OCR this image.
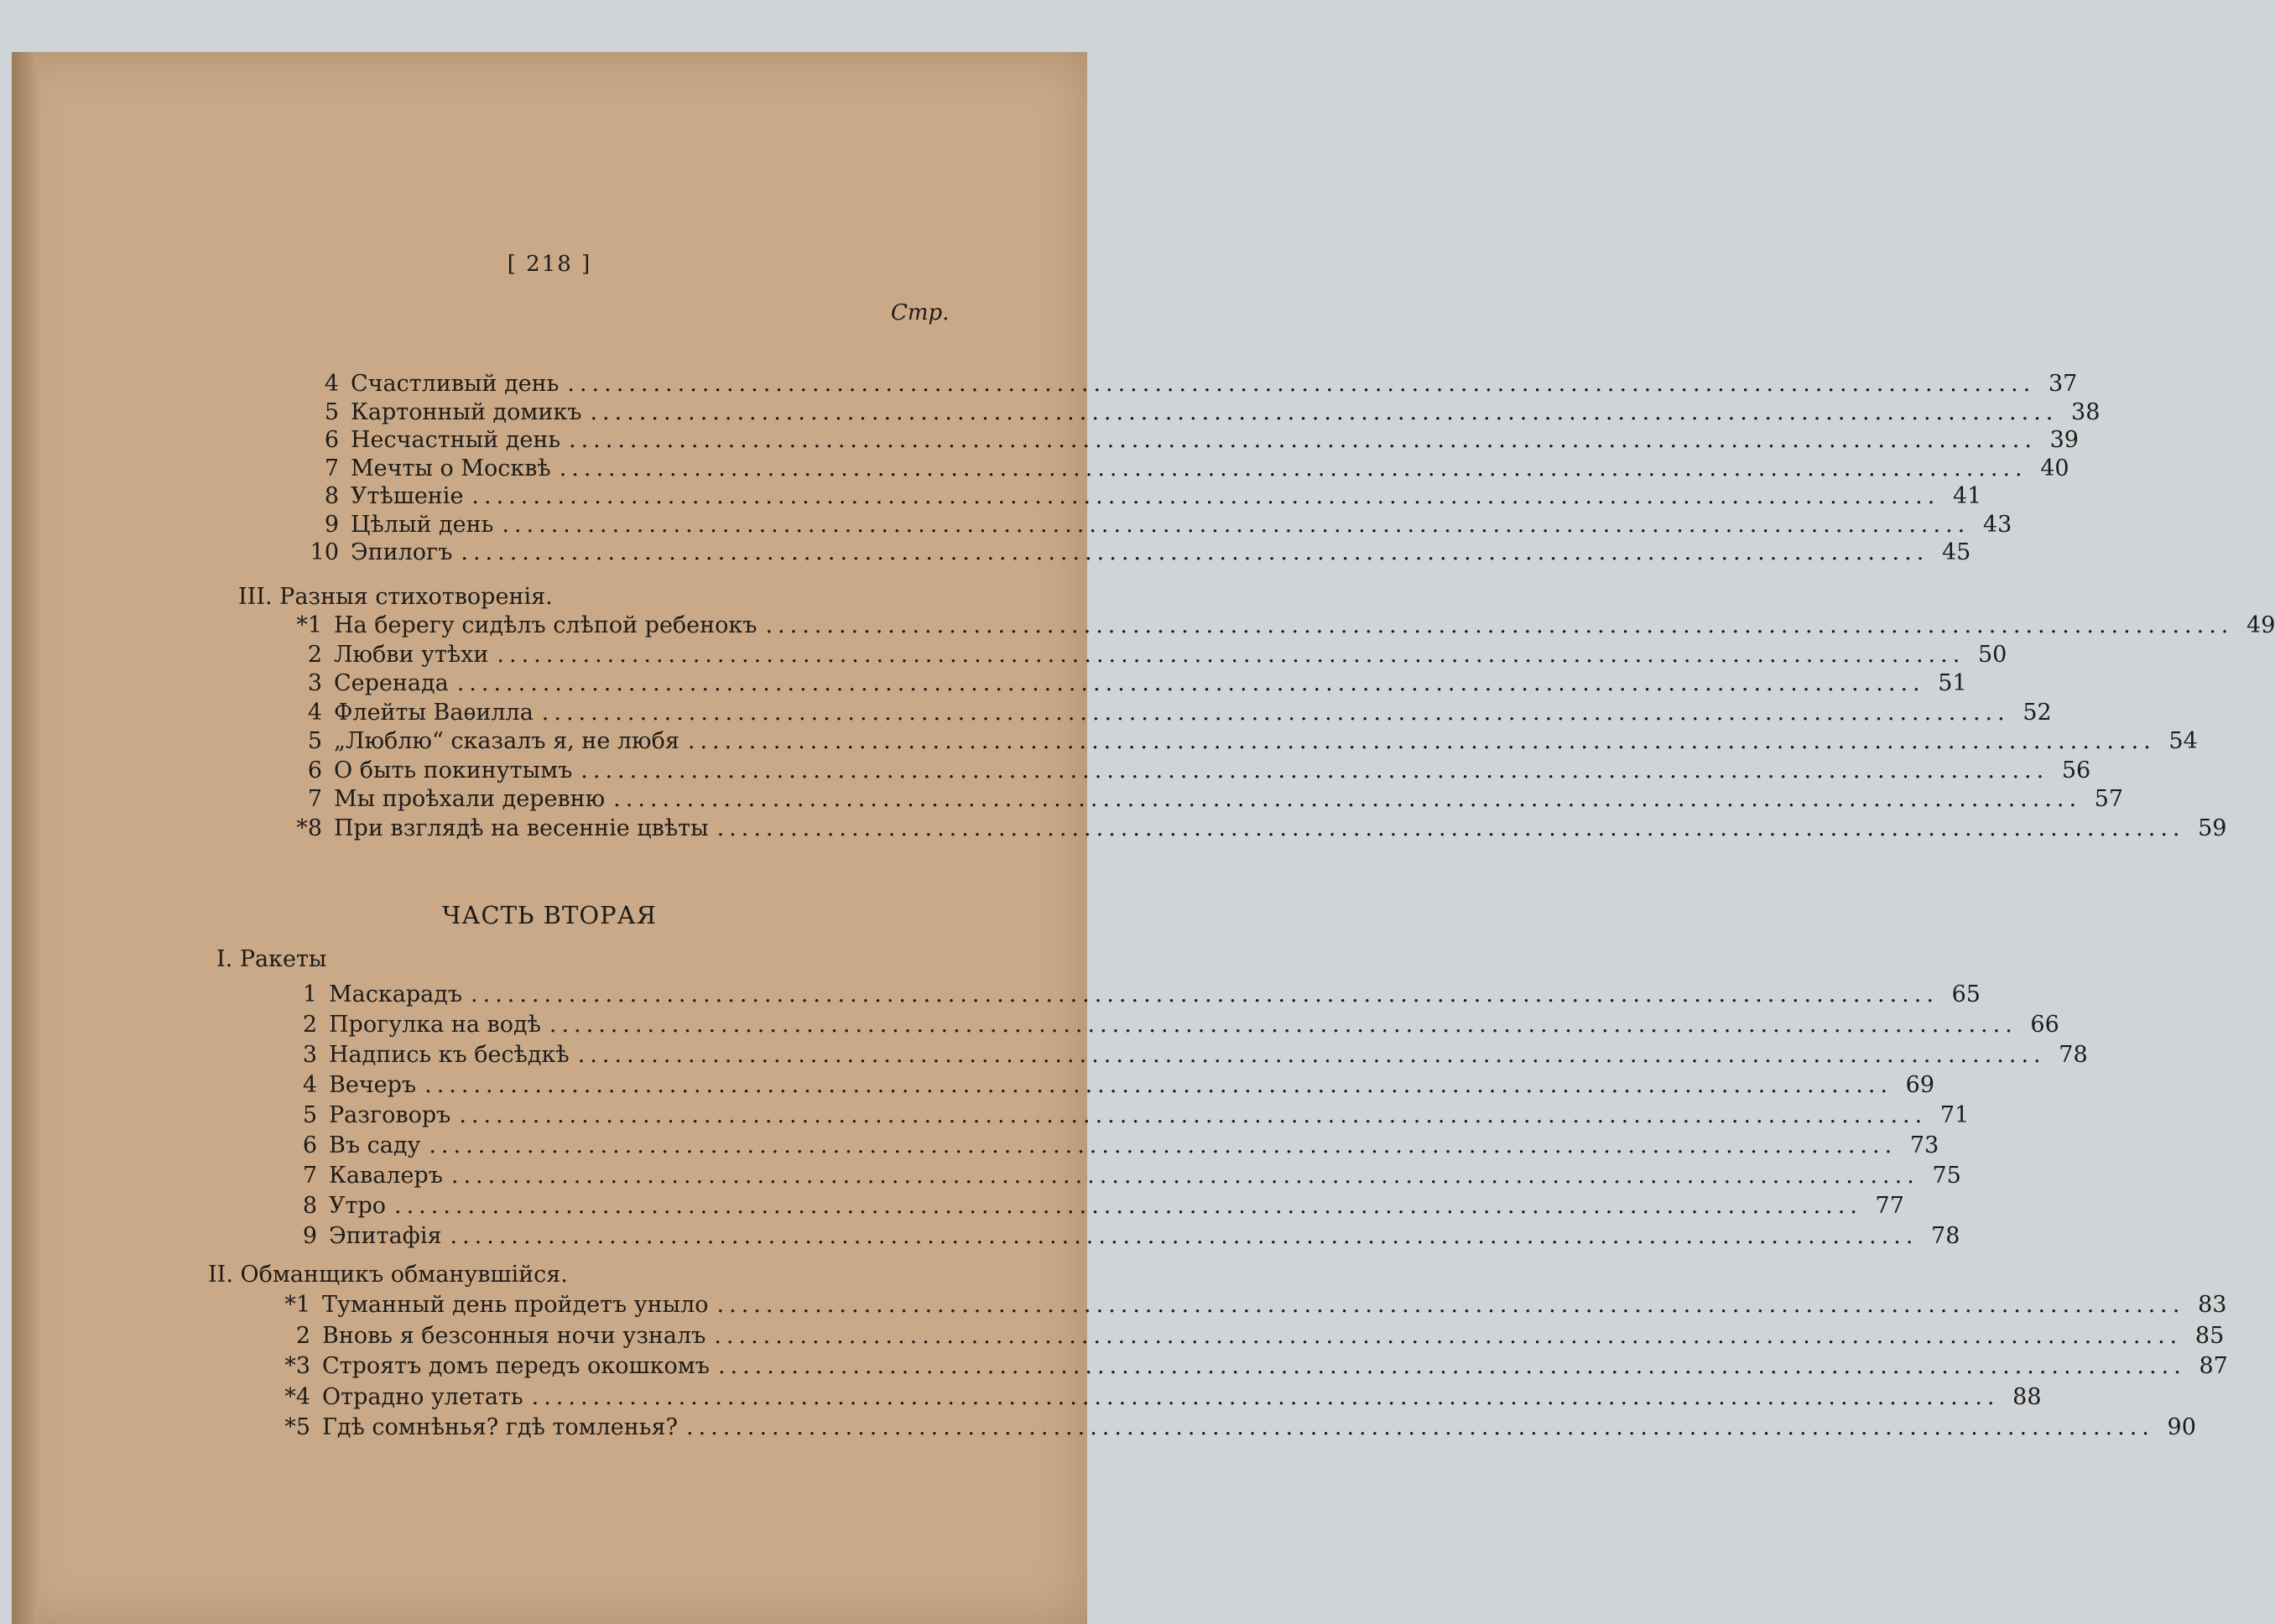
[ 218 ]
Стр.
4 Счастливый день ........................................................................................................................ 37
5 Картонный домикъ ........................................................................................................................ 38
6 Несчастный день ........................................................................................................................ 39
7 Мечты о Москвѣ ........................................................................................................................ 40
8 Утѣшеніе ........................................................................................................................ 41
9 Цѣлый день ........................................................................................................................ 43
10 Эпилогъ ........................................................................................................................ 45
III. Разныя стихотворенія.
*1 На берегу сидѣлъ слѣпой ребенокъ ........................................................................................................................ 49
2 Любви утѣхи ........................................................................................................................ 50
3 Серенада ........................................................................................................................ 51
4 Флейты Ваѳилла ........................................................................................................................ 52
5 „Люблю“ сказалъ я, не любя ........................................................................................................................ 54
6 О быть покинутымъ ........................................................................................................................ 56
7 Мы проѣхали деревню ........................................................................................................................ 57
*8 При взглядѣ на весенніе цвѣты ........................................................................................................................ 59
ЧАСТЬ ВТОРАЯ
I. Ракеты
1 Маскарадъ ........................................................................................................................ 65
2 Прогулка на водѣ ........................................................................................................................ 66
3 Надпись къ бесѣдкѣ ........................................................................................................................ 78
4 Вечеръ ........................................................................................................................ 69
5 Разговоръ ........................................................................................................................ 71
6 Въ саду ........................................................................................................................ 73
7 Кавалеръ ........................................................................................................................ 75
8 Утро ........................................................................................................................ 77
9 Эпитафія ........................................................................................................................ 78
II. Обманщикъ обманувшійся.
*1 Туманный день пройдетъ уныло ........................................................................................................................ 83
2 Вновь я безсонныя ночи узналъ ........................................................................................................................ 85
*3 Строятъ домъ передъ окошкомъ ........................................................................................................................ 87
*4 Отрадно улетать ........................................................................................................................ 88
*5 Гдѣ сомнѣнья? гдѣ томленья? ........................................................................................................................ 90
